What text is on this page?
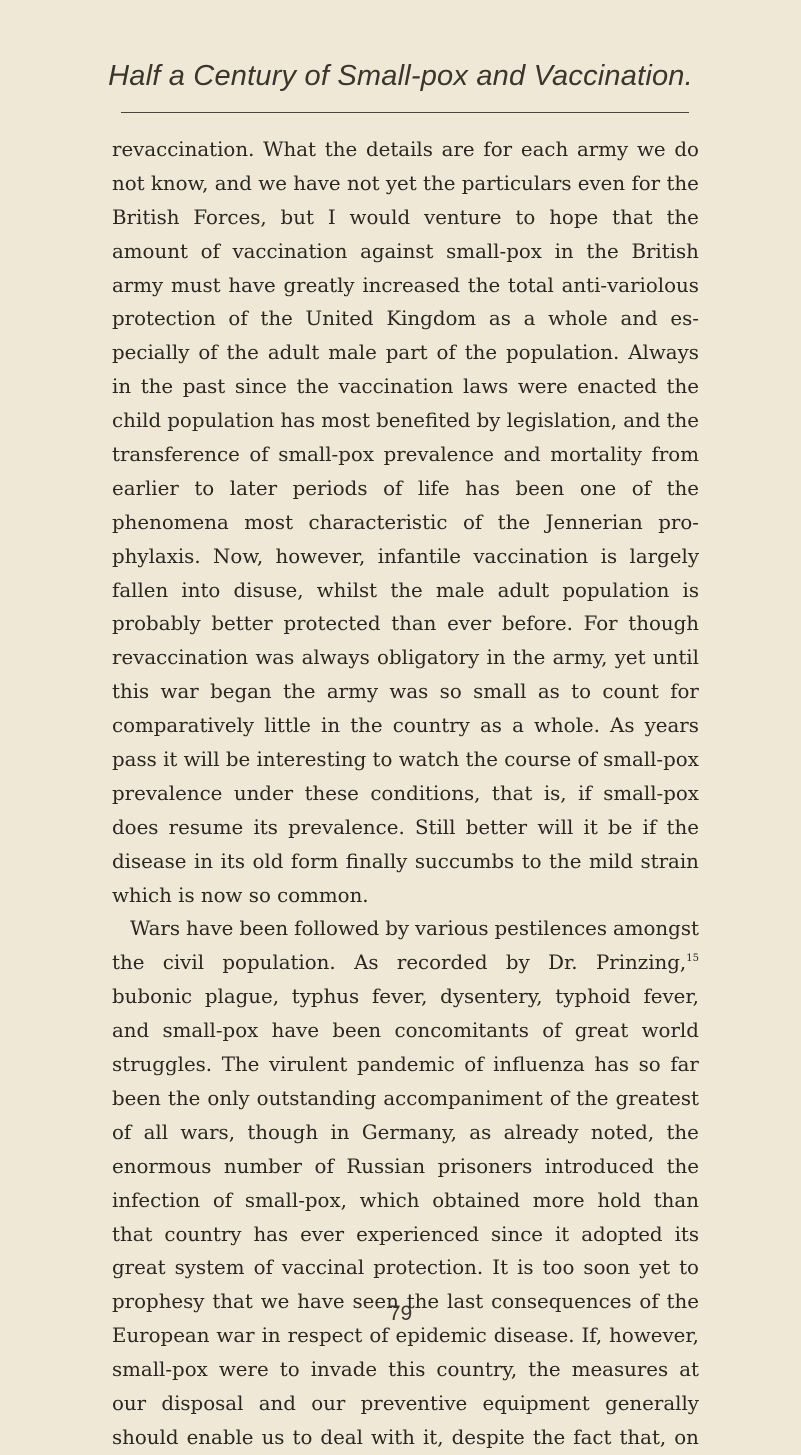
Half a Century of Small-pox and Vaccination.
revaccination. What the details are for each army we do
not know, and we have not yet the particulars even for the
British Forces, but I would venture to hope that the
amount of vaccination against small-pox in the British
army must have greatly increased the total anti-variolous
protection of the United Kingdom as a whole and es-
pecially of the adult male part of the population. Always
in the past since the vaccination laws were enacted the
child population has most benefited by legislation, and the
transference of small-pox prevalence and mortality from
earlier to later periods of life has been one of the
phenomena most characteristic of the Jennerian pro-
phylaxis. Now, however, infantile vaccination is largely
fallen into disuse, whilst the male adult population is
probably better protected than ever before. For though
revaccination was always obligatory in the army, yet until
this war began the army was so small as to count for
comparatively little in the country as a whole. As years
pass it will be interesting to watch the course of small-pox
prevalence under these conditions, that is, if small-pox
does resume its prevalence. Still better will it be if the
disease in its old form finally succumbs to the mild strain
which
is
now
so
common.

Wars have been followed by various pestilences amongst
the civil population. As recorded by Dr. Prinzing,$^{15}$
bubonic plague, typhus fever, dysentery, typhoid fever,
and small-pox have been concomitants of great world
struggles. The virulent pandemic of influenza has so far
been the only outstanding accompaniment of the greatest
of all wars, though in Germany, as already noted, the
enormous number of Russian prisoners introduced the
infection of small-pox, which obtained more hold than
that country has ever experienced since it adopted its
great system of vaccinal protection. It is too soon yet to
prophesy that we have seen the last consequences of the
European war in respect of epidemic disease. If, however,
small-pox were to invade this country, the measures at
our disposal and our preventive equipment generally
should enable us to deal with it, despite the fact that, on
79
